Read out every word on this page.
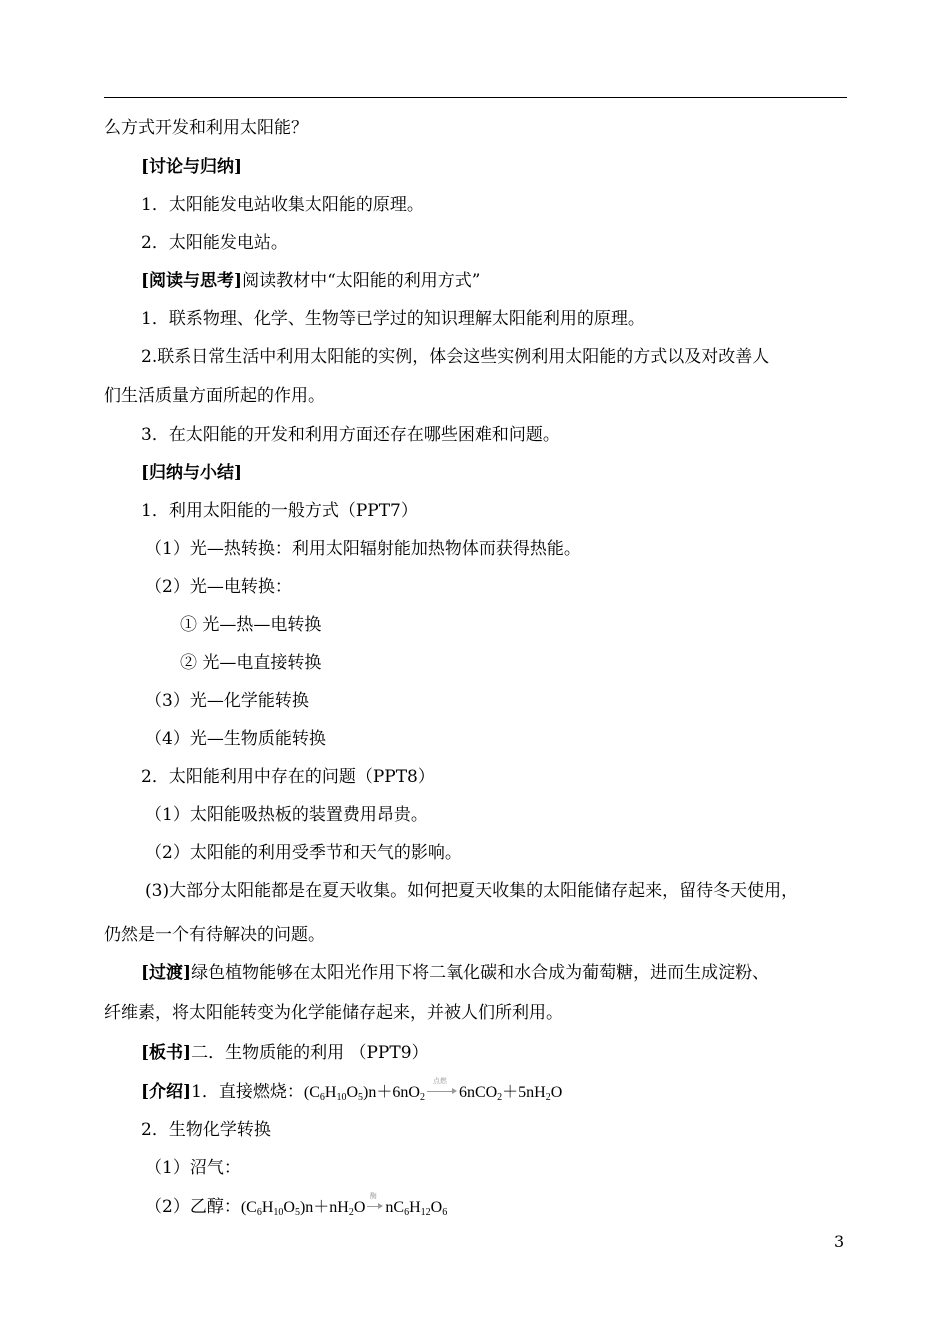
么方式开发和利用太阳能？
[讨论与归纳]
1．太阳能发电站收集太阳能的原理。
2．太阳能发电站。
[阅读与思考]阅读教材中“太阳能的利用方式”
1．联系物理、化学、生物等已学过的知识理解太阳能利用的原理。
2.联系日常生活中利用太阳能的实例，体会这些实例利用太阳能的方式以及对改善人
们生活质量方面所起的作用。
3．在太阳能的开发和利用方面还存在哪些困难和问题。
[归纳与小结]
1．利用太阳能的一般方式（PPT7）
（1）光—热转换：利用太阳辐射能加热物体而获得热能。
（2）光—电转换：
① 光—热—电转换
② 光—电直接转换
（3）光—化学能转换
（4）光—生物质能转换
2．太阳能利用中存在的问题（PPT8）
（1）太阳能吸热板的装置费用昂贵。
（2）太阳能的利用受季节和天气的影响。
(3)大部分太阳能都是在夏天收集。如何把夏天收集的太阳能储存起来，留待冬天使用，
仍然是一个有待解决的问题。
[过渡]绿色植物能够在太阳光作用下将二氧化碳和水合成为葡萄糖，进而生成淀粉、
纤维素，将太阳能转变为化学能储存起来，并被人们所利用。
[板书]二．生物质能的利用 （PPT9）
[介绍]1．直接燃烧：$(C_6H_{10}O_5)n+6nO_2$
点燃
$6nCO_2+5nH_2O$
2．生物化学转换
（1）沼气：
（2）乙醇：$(C_6H_{10}O_5)n+nH_2O$
酶
$nC_6H_{12}O_6$
3
